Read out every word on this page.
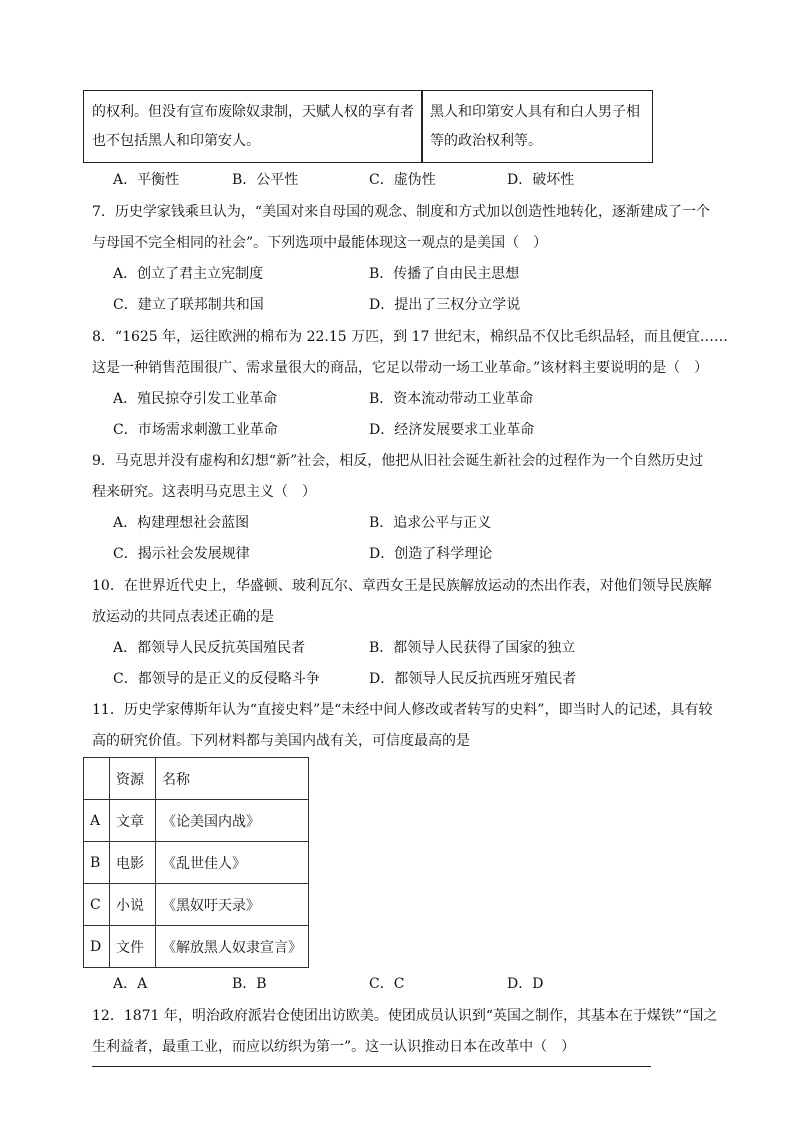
的权利。但没有宣布废除奴隶制，天赋人权的享有者
也不包括黑人和印第安人。
黑人和印第安人具有和白人男子相
等的政治权利等。
A．平衡性	B．公平性	C．虚伪性	D．破坏性
7．历史学家钱乘旦认为，“美国对来自母国的观念、制度和方式加以创造性地转化，逐渐建成了一个
与母国不完全相同的社会”。下列选项中最能体现这一观点的是美国（　）
A．创立了君主立宪制度	B．传播了自由民主思想
C．建立了联邦制共和国	D．提出了三权分立学说
8．“1625 年，运往欧洲的棉布为 22.15 万匹，到 17 世纪末，棉织品不仅比毛织品轻，而且便宜……
这是一种销售范围很广、需求量很大的商品，它足以带动一场工业革命。”该材料主要说明的是（　）
A．殖民掠夺引发工业革命	B．资本流动带动工业革命
C．市场需求刺激工业革命	D．经济发展要求工业革命
9．马克思并没有虚构和幻想“新”社会，相反，他把从旧社会诞生新社会的过程作为一个自然历史过
程来研究。这表明马克思主义（　）
A．构建理想社会蓝图	B．追求公平与正义
C．揭示社会发展规律	D．创造了科学理论
10．在世界近代史上，华盛顿、玻利瓦尔、章西女王是民族解放运动的杰出作表，对他们领导民族解
放运动的共同点表述正确的是
A．都领导人民反抗英国殖民者	B．都领导人民获得了国家的独立
C．都领导的是正义的反侵略斗争	D．都领导人民反抗西班牙殖民者
11．历史学家傅斯年认为“直接史料”是“未经中间人修改或者转写的史料”，即当时人的记述，具有较
高的研究价值。下列材料都与美国内战有关，可信度最高的是
	资源	名称
A	文章	《论美国内战》
B	电影	《乱世佳人》
C	小说	《黑奴吁天录》
D	文件	《解放黑人奴隶宣言》
A．A	B．B	C．C	D．D
12．1871 年，明治政府派岩仓使团出访欧美。使团成员认识到“英国之制作，其基本在于煤铁”“国之
生利益者，最重工业，而应以纺织为第一”。这一认识推动日本在改革中（　）
